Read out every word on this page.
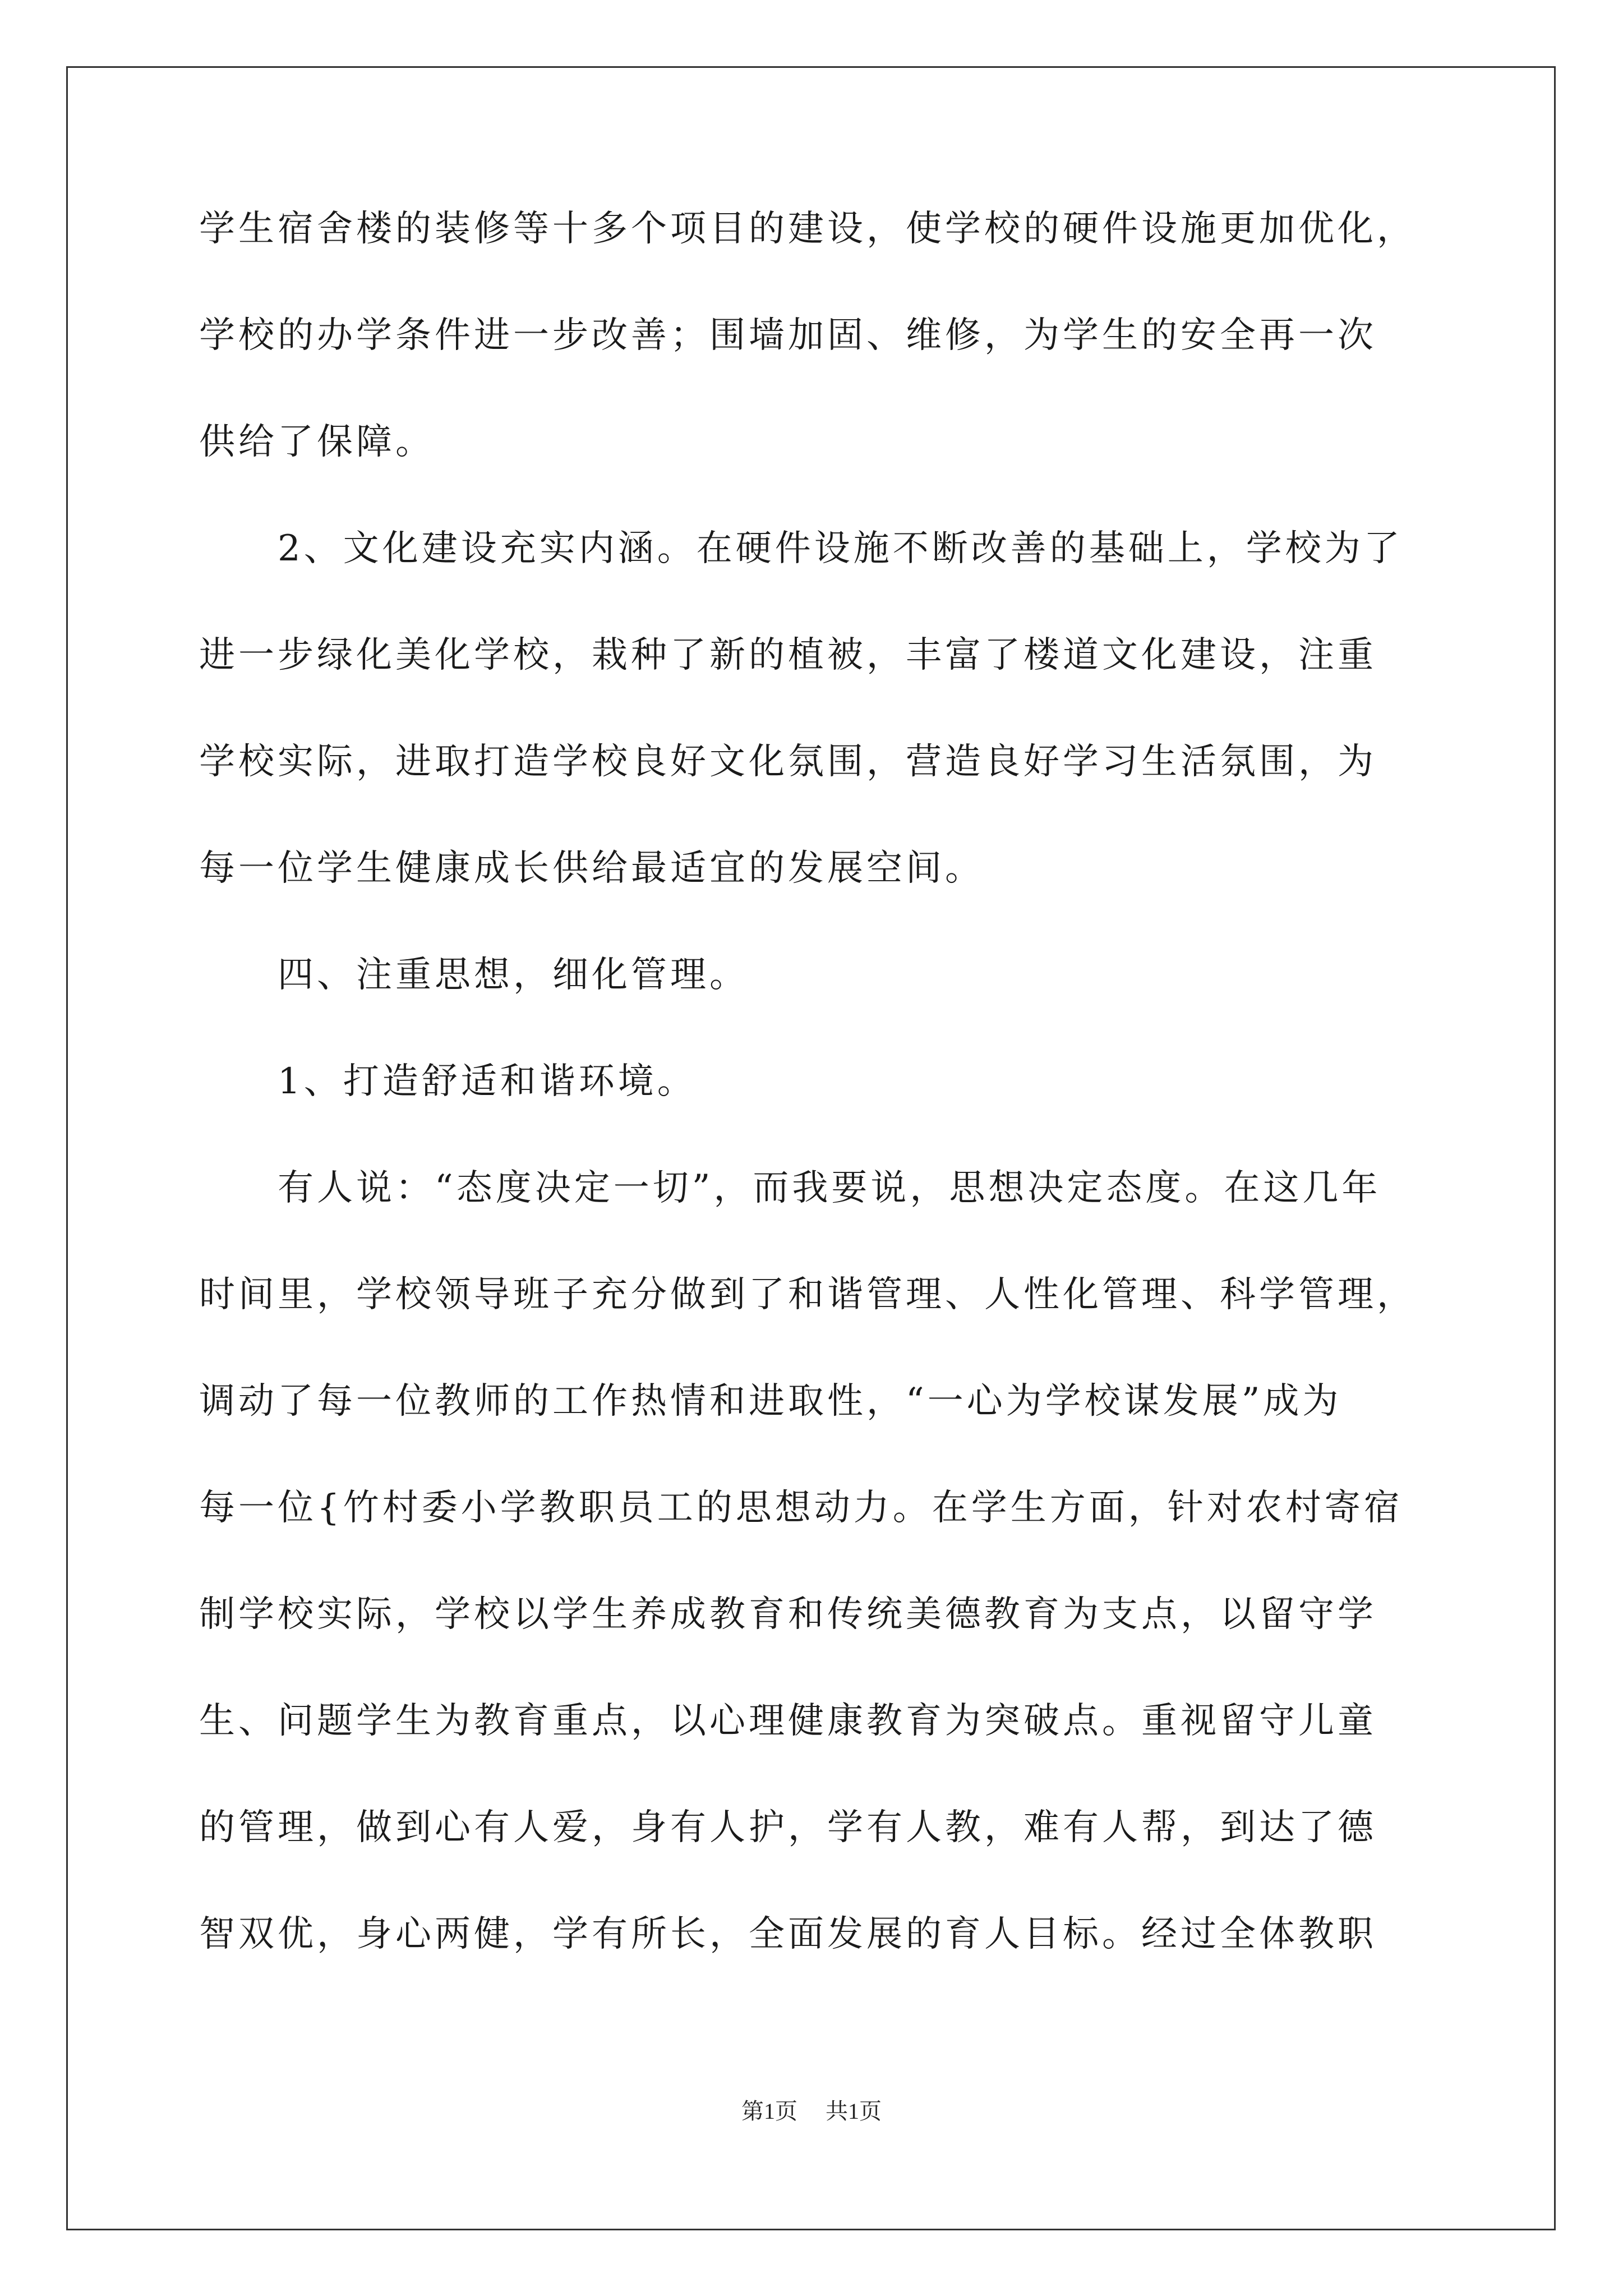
学生宿舍楼的装修等十多个项目的建设，使学校的硬件设施更加优化，
学校的办学条件进一步改善；围墙加固、维修，为学生的安全再一次
供给了保障。
2、文化建设充实内涵。在硬件设施不断改善的基础上，学校为了
进一步绿化美化学校，栽种了新的植被，丰富了楼道文化建设，注重
学校实际，进取打造学校良好文化氛围，营造良好学习生活氛围，为
每一位学生健康成长供给最适宜的发展空间。
四、注重思想，细化管理。
1、打造舒适和谐环境。
有人说：“态度决定一切”，而我要说，思想决定态度。在这几年
时间里，学校领导班子充分做到了和谐管理、人性化管理、科学管理，
调动了每一位教师的工作热情和进取性，“一心为学校谋发展”成为
每一位{竹村委小学教职员工的思想动力。在学生方面，针对农村寄宿
制学校实际，学校以学生养成教育和传统美德教育为支点，以留守学
生、问题学生为教育重点，以心理健康教育为突破点。重视留守儿童
的管理，做到心有人爱，身有人护，学有人教，难有人帮，到达了德
智双优，身心两健，学有所长，全面发展的育人目标。经过全体教职
第1页 共1页
